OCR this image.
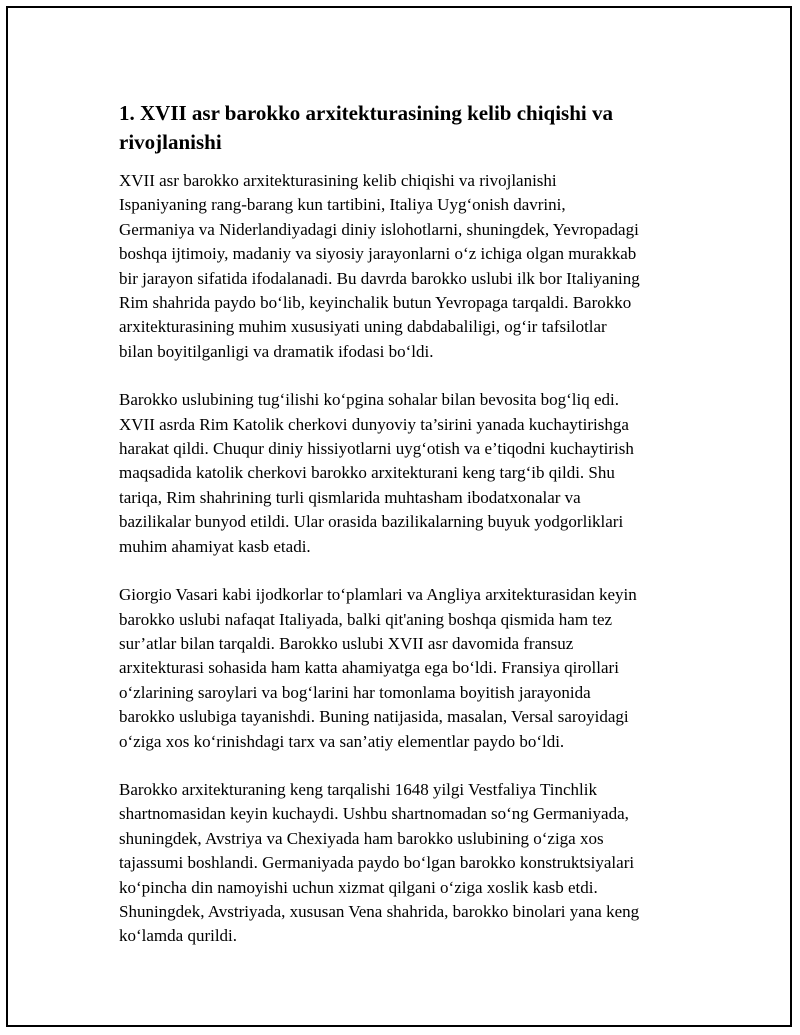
1. XVII asr barokko arxitekturasining kelib chiqishi va
rivojlanishi

XVII asr barokko arxitekturasining kelib chiqishi va rivojlanishi
Ispaniyaning rang-barang kun tartibini, Italiya Uyg‘onish davrini,
Germaniya va Niderlandiyadagi diniy islohotlarni, shuningdek, Yevropadagi
boshqa ijtimoiy, madaniy va siyosiy jarayonlarni o‘z ichiga olgan murakkab
bir jarayon sifatida ifodalanadi. Bu davrda barokko uslubi ilk bor Italiyaning
Rim shahrida paydo bo‘lib, keyinchalik butun Yevropaga tarqaldi. Barokko
arxitekturasining muhim xususiyati uning dabdabaliligi, og‘ir tafsilotlar
bilan boyitilganligi va dramatik ifodasi bo‘ldi.

Barokko uslubining tug‘ilishi ko‘pgina sohalar bilan bevosita bog‘liq edi.
XVII asrda Rim Katolik cherkovi dunyoviy ta’sirini yanada kuchaytirishga
harakat qildi. Chuqur diniy hissiyotlarni uyg‘otish va e’tiqodni kuchaytirish
maqsadida katolik cherkovi barokko arxitekturani keng targ‘ib qildi. Shu
tariqa, Rim shahrining turli qismlarida muhtasham ibodatxonalar va
bazilikalar bunyod etildi. Ular orasida bazilikalarning buyuk yodgorliklari
muhim ahamiyat kasb etadi.

Giorgio Vasari kabi ijodkorlar to‘plamlari va Angliya arxitekturasidan keyin
barokko uslubi nafaqat Italiyada, balki qit'aning boshqa qismida ham tez
sur’atlar bilan tarqaldi. Barokko uslubi XVII asr davomida fransuz
arxitekturasi sohasida ham katta ahamiyatga ega bo‘ldi. Fransiya qirollari
o‘zlarining saroylari va bog‘larini har tomonlama boyitish jarayonida
barokko uslubiga tayanishdi. Buning natijasida, masalan, Versal saroyidagi
o‘ziga xos ko‘rinishdagi tarx va san’atiy elementlar paydo bo‘ldi.

Barokko arxitekturaning keng tarqalishi 1648 yilgi Vestfaliya Tinchlik
shartnomasidan keyin kuchaydi. Ushbu shartnomadan so‘ng Germaniyada,
shuningdek, Avstriya va Chexiyada ham barokko uslubining o‘ziga xos
tajassumi boshlandi. Germaniyada paydo bo‘lgan barokko konstruktsiyalari
ko‘pincha din namoyishi uchun xizmat qilgani o‘ziga xoslik kasb etdi.
Shuningdek, Avstriyada, xususan Vena shahrida, barokko binolari yana keng
ko‘lamda qurildi.
